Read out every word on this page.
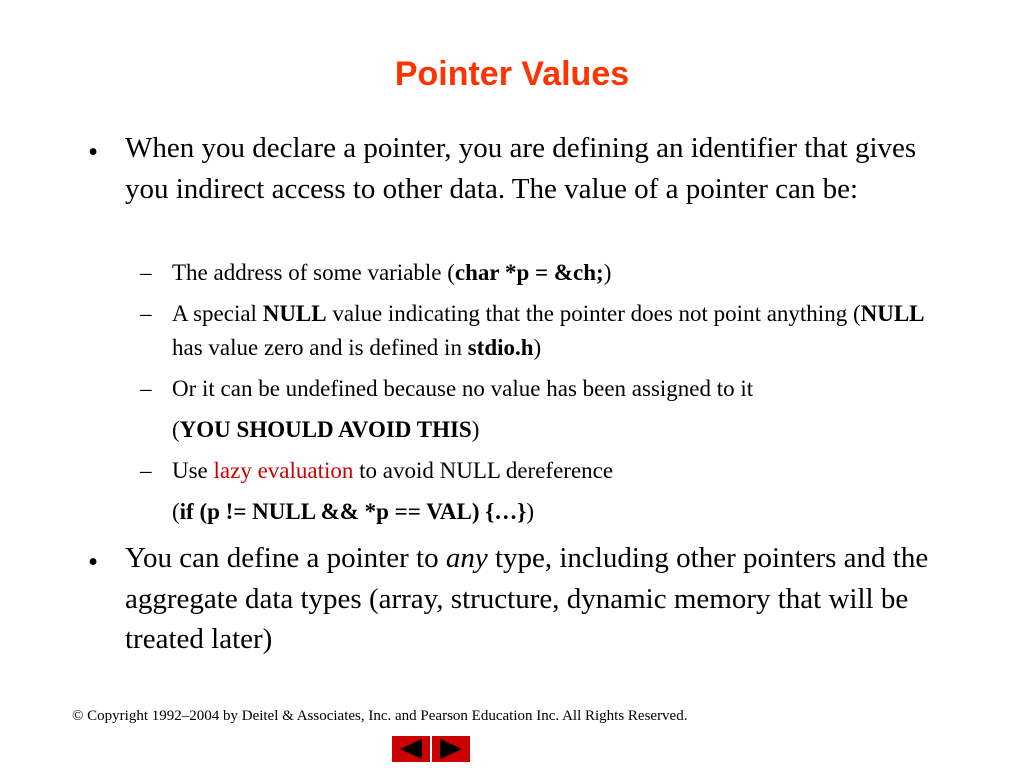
Pointer Values
• When you declare a pointer, you are defining an identifier that gives you indirect access to other data. The value of a pointer can be:
– The address of some variable (char *p = &ch;)
– A special NULL value indicating that the pointer does not point anything (NULL has value zero and is defined in stdio.h)
– Or it can be undefined because no value has been assigned to it
(YOU SHOULD AVOID THIS)
– Use lazy evaluation to avoid NULL dereference
(if (p != NULL && *p == VAL) {…})
• You can define a pointer to any type, including other pointers and the aggregate data types (array, structure, dynamic memory that will be treated later)
© Copyright 1992–2004 by Deitel & Associates, Inc. and Pearson Education Inc. All Rights Reserved.
